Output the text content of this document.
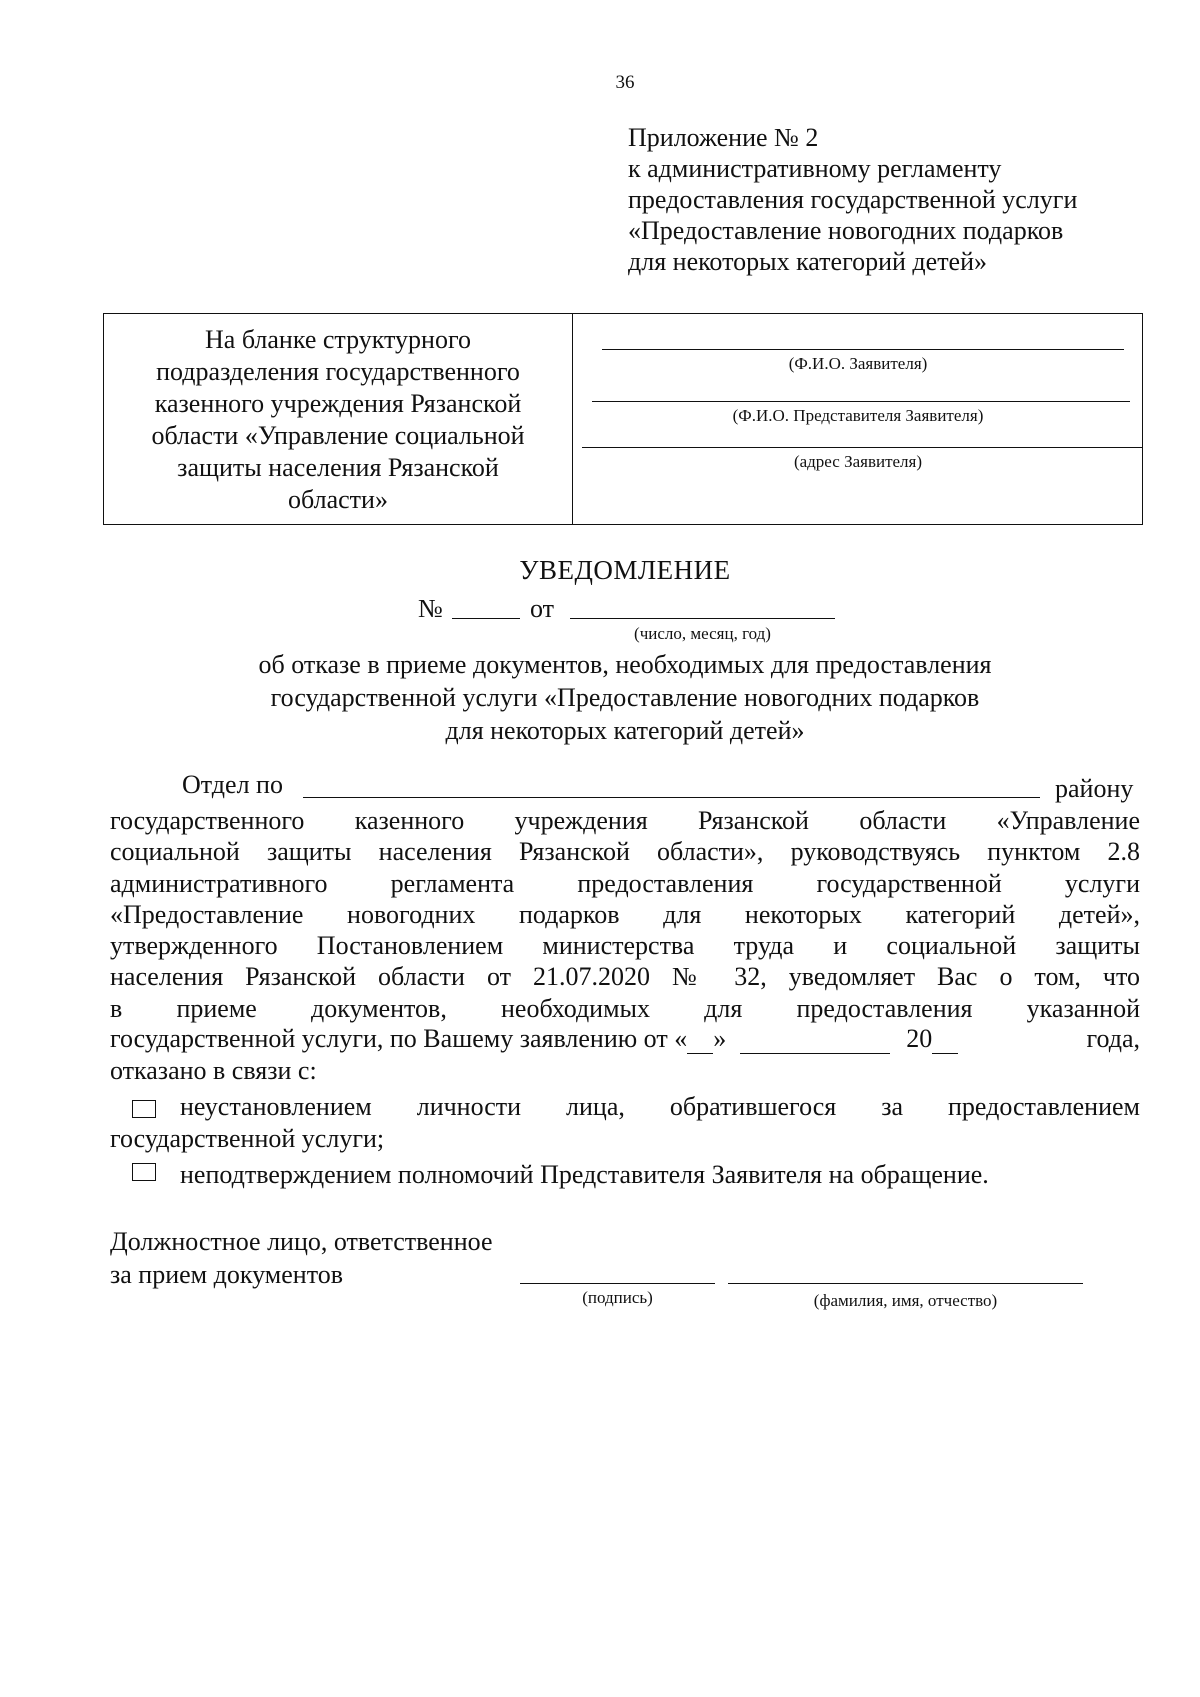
36
Приложение № 2
к административному регламенту
предоставления государственной услуги
«Предоставление новогодних подарков
для некоторых категорий детей»
На бланке структурного
подразделения государственного
казенного учреждения Рязанской
области «Управление социальной
защиты населения Рязанской
области»
(Ф.И.О. Заявителя)
(Ф.И.О. Представителя Заявителя)
(адрес Заявителя)
УВЕДОМЛЕНИЕ
№	от
(число, месяц, год)
об отказе в приеме документов, необходимых для предоставления
государственной услуги «Предоставление новогодних подарков
для некоторых категорий детей»
Отдел по	району
государственного казенного учреждения Рязанской области «Управление
социальной защиты населения Рязанской области», руководствуясь пунктом 2.8
административного регламента предоставления государственной услуги
«Предоставление новогодних подарков для некоторых категорий детей»,
утвержденного Постановлением министерства труда и социальной защиты
населения Рязанской области от 21.07.2020 № 32, уведомляет Вас о том, что
в приеме документов, необходимых для предоставления указанной
государственной услуги, по Вашему заявлению от « »	20	года,
отказано в связи с:
неустановлением личности лица, обратившегося за предоставлением
государственной услуги;
неподтверждением полномочий Представителя Заявителя на обращение.
Должностное лицо, ответственное
за прием документов
(подпись)	(фамилия, имя, отчество)
